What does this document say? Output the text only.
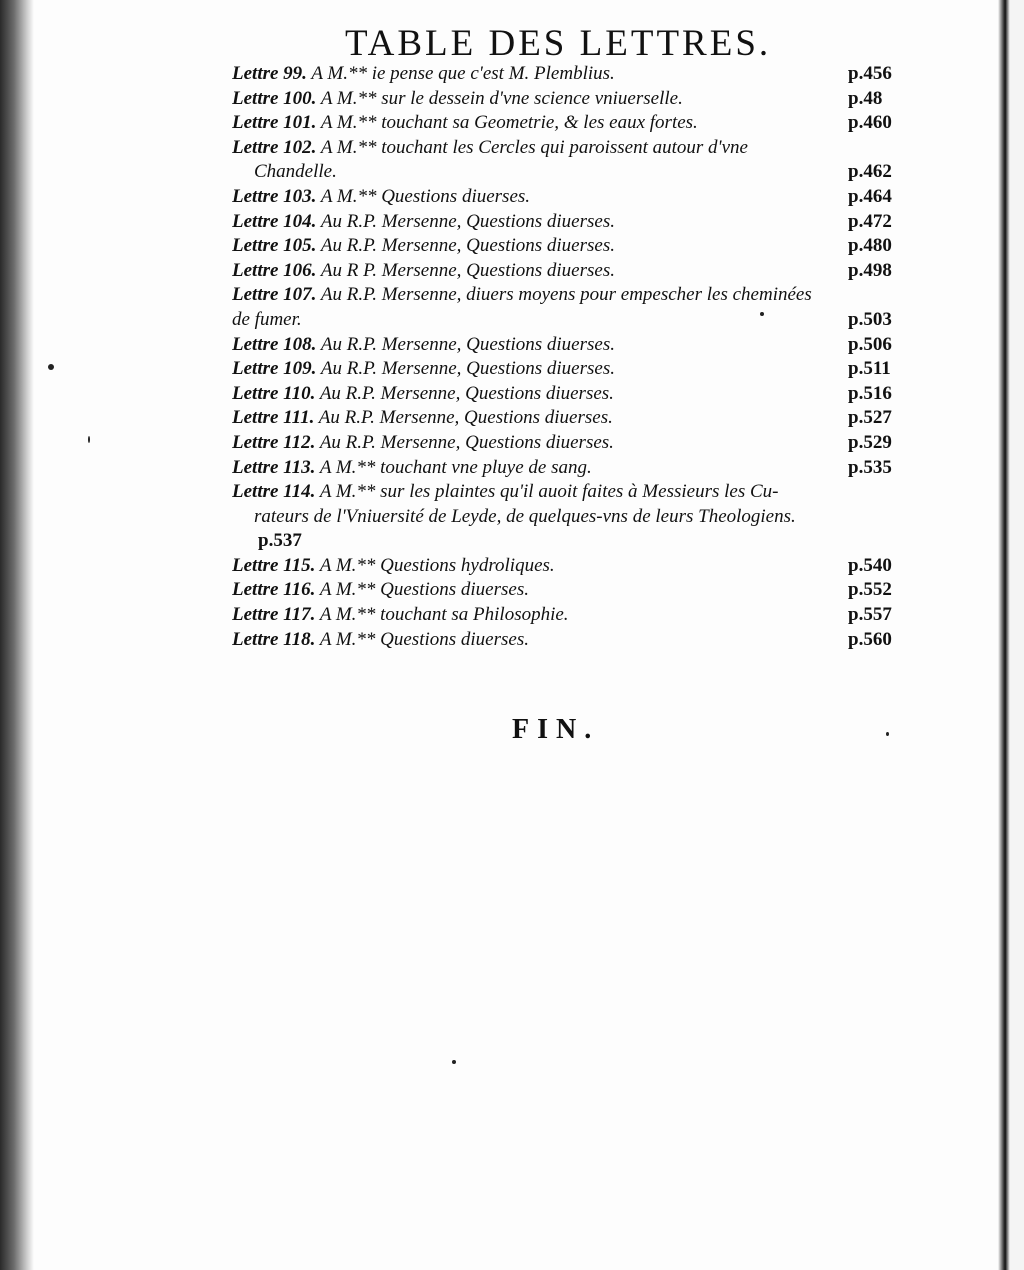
TABLE DES LETTRES.
Lettre 99. A M.** ie pense que c'est M. Plemblius.	p.456
Lettre 100. A M.** sur le dessein d'vne science vniuerselle.	p.48
Lettre 101. A M.** touchant sa Geometrie, & les eaux fortes.	p.460
Lettre 102. A M.** touchant les Cercles qui paroissent autour d'vne
Chandelle.	p.462
Lettre 103. A M.** Questions diuerses.	p.464
Lettre 104. Au R.P. Mersenne, Questions diuerses.	p.472
Lettre 105. Au R.P. Mersenne, Questions diuerses.	p.480
Lettre 106. Au R P. Mersenne, Questions diuerses.	p.498
Lettre 107. Au R.P. Mersenne, diuers moyens pour empescher les cheminées
de fumer.	p.503
Lettre 108. Au R.P. Mersenne, Questions diuerses.	p.506
Lettre 109. Au R.P. Mersenne, Questions diuerses.	p.511
Lettre 110. Au R.P. Mersenne, Questions diuerses.	p.516
Lettre 111. Au R.P. Mersenne, Questions diuerses.	p.527
Lettre 112. Au R.P. Mersenne, Questions diuerses.	p.529
Lettre 113. A M.** touchant vne pluye de sang.	p.535
Lettre 114. A M.** sur les plaintes qu'il auoit faites à Messieurs les Cu-
rateurs de l'Vniuersité de Leyde, de quelques-vns de leurs Theologiens.
p.537
Lettre 115. A M.** Questions hydroliques.	p.540
Lettre 116. A M.** Questions diuerses.	p.552
Lettre 117. A M.** touchant sa Philosophie.	p.557
Lettre 118. A M.** Questions diuerses.	p.560
FIN.
